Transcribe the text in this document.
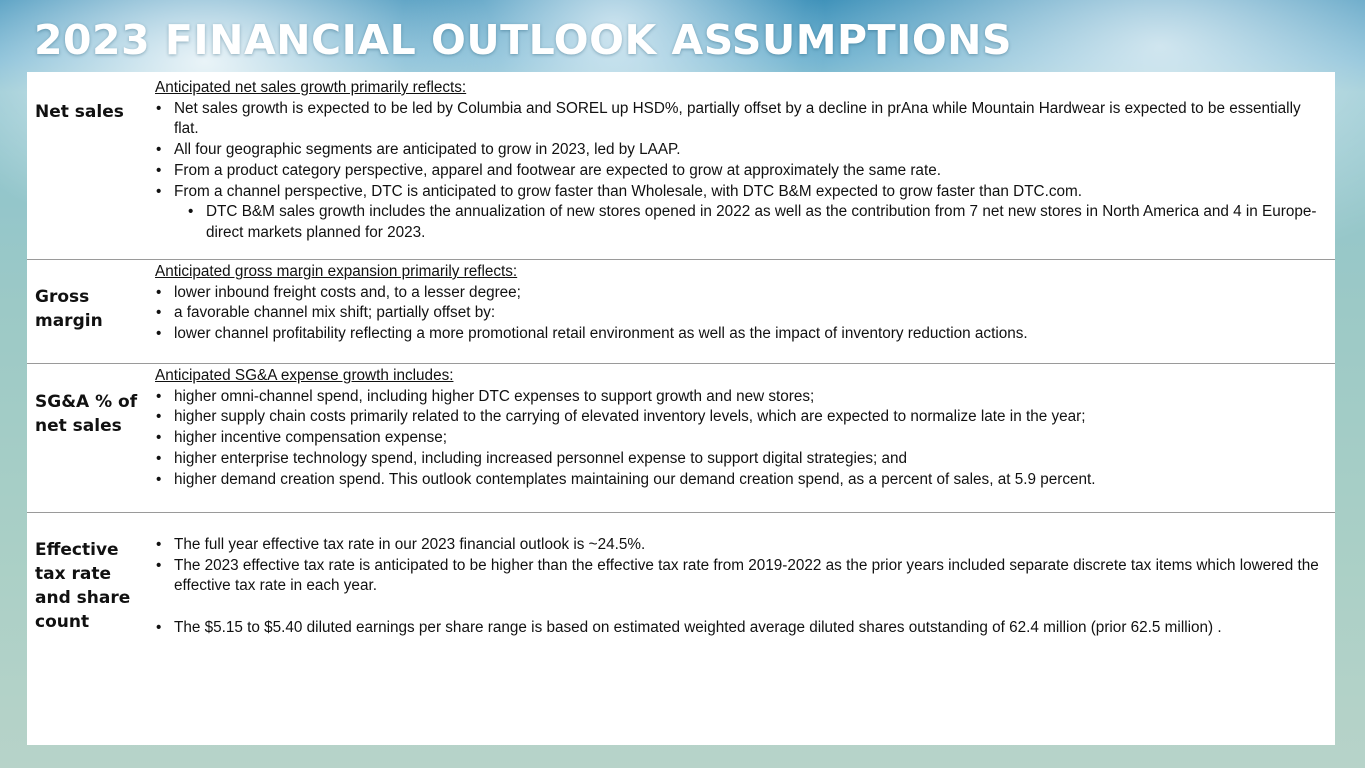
2023 FINANCIAL OUTLOOK ASSUMPTIONS
Net sales
Anticipated net sales growth primarily reflects:
• Net sales growth is expected to be led by Columbia and SOREL up HSD%, partially offset by a decline in prAna while Mountain Hardwear is expected to be essentially flat.
• All four geographic segments are anticipated to grow in 2023, led by LAAP.
• From a product category perspective, apparel and footwear are expected to grow at approximately the same rate.
• From a channel perspective, DTC is anticipated to grow faster than Wholesale, with DTC B&M expected to grow faster than DTC.com.
• DTC B&M sales growth includes the annualization of new stores opened in 2022 as well as the contribution from 7 net new stores in North America and 4 in Europe-direct markets planned for 2023.
Gross margin
Anticipated gross margin expansion primarily reflects:
• lower inbound freight costs and, to a lesser degree;
• a favorable channel mix shift; partially offset by:
• lower channel profitability reflecting a more promotional retail environment as well as the impact of inventory reduction actions.
SG&A % of net sales
Anticipated SG&A expense growth includes:
• higher omni-channel spend, including higher DTC expenses to support growth and new stores;
• higher supply chain costs primarily related to the carrying of elevated inventory levels, which are expected to normalize late in the year;
• higher incentive compensation expense;
• higher enterprise technology spend, including increased personnel expense to support digital strategies; and
• higher demand creation spend. This outlook contemplates maintaining our demand creation spend, as a percent of sales, at 5.9 percent.
Effective tax rate and share count
• The full year effective tax rate in our 2023 financial outlook is ~24.5%.
• The 2023 effective tax rate is anticipated to be higher than the effective tax rate from 2019-2022 as the prior years included separate discrete tax items which lowered the effective tax rate in each year.
• The $5.15 to $5.40 diluted earnings per share range is based on estimated weighted average diluted shares outstanding of 62.4 million (prior 62.5 million) .
